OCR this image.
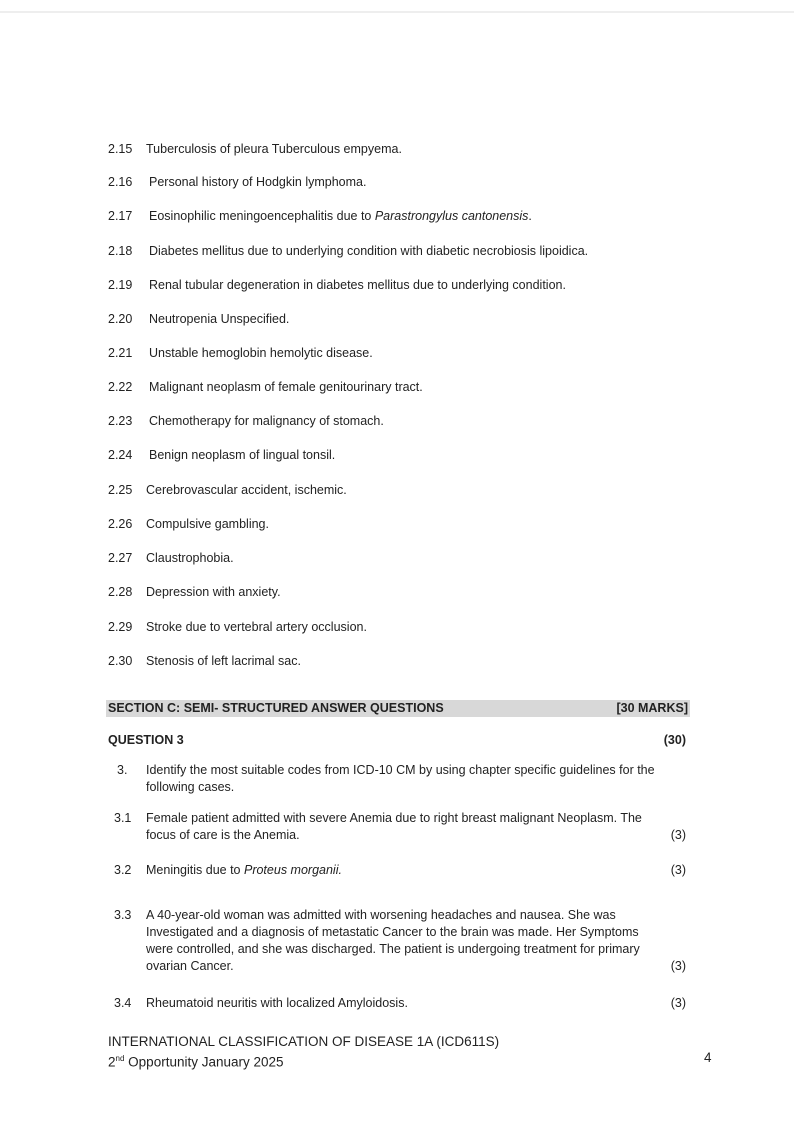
2.15 Tuberculosis of pleura Tuberculous empyema.
2.16 Personal history of Hodgkin lymphoma.
2.17 Eosinophilic meningoencephalitis due to Parastrongylus cantonensis.
2.18 Diabetes mellitus due to underlying condition with diabetic necrobiosis lipoidica.
2.19 Renal tubular degeneration in diabetes mellitus due to underlying condition.
2.20 Neutropenia Unspecified.
2.21 Unstable hemoglobin hemolytic disease.
2.22 Malignant neoplasm of female genitourinary tract.
2.23 Chemotherapy for malignancy of stomach.
2.24 Benign neoplasm of lingual tonsil.
2.25 Cerebrovascular accident, ischemic.
2.26 Compulsive gambling.
2.27 Claustrophobia.
2.28 Depression with anxiety.
2.29 Stroke due to vertebral artery occlusion.
2.30 Stenosis of left lacrimal sac.
SECTION C: SEMI- STRUCTURED ANSWER QUESTIONS	[30 MARKS]
QUESTION 3	(30)
3. Identify the most suitable codes from ICD-10 CM by using chapter specific guidelines for the following cases.
3.1 Female patient admitted with severe Anemia due to right breast malignant Neoplasm. The focus of care is the Anemia.	(3)
3.2 Meningitis due to Proteus morganii.	(3)
3.3 A 40-year-old woman was admitted with worsening headaches and nausea. She was Investigated and a diagnosis of metastatic Cancer to the brain was made. Her Symptoms were controlled, and she was discharged. The patient is undergoing treatment for primary ovarian Cancer.	(3)
3.4 Rheumatoid neuritis with localized Amyloidosis.	(3)
INTERNATIONAL CLASSIFICATION OF DISEASE 1A (ICD611S)
2nd Opportunity January 2025	4
